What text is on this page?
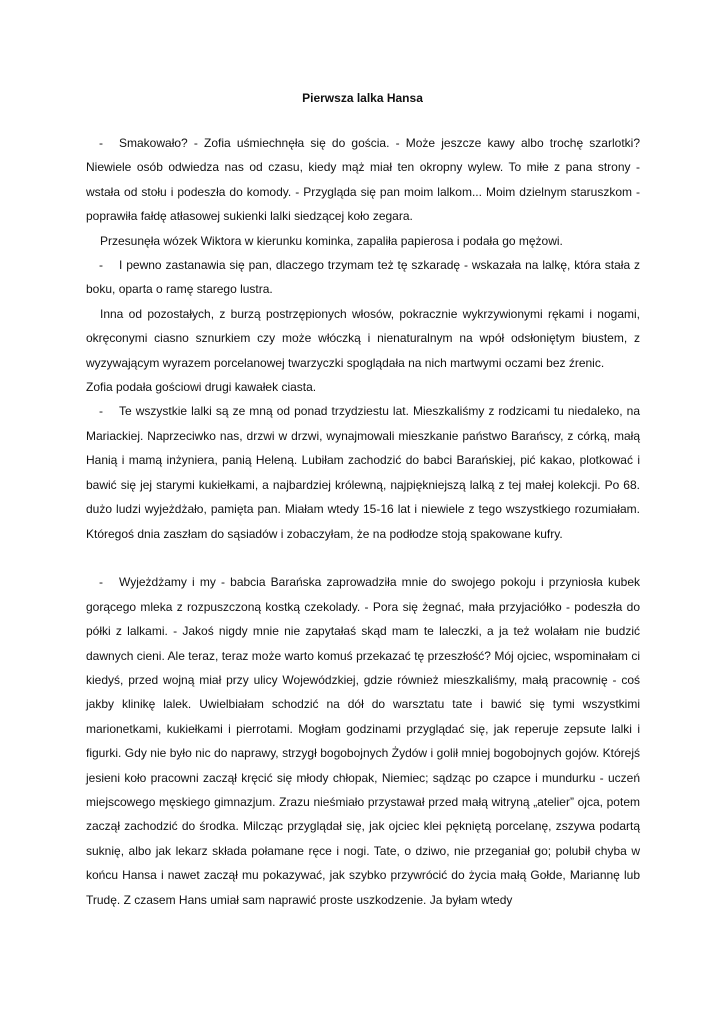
Pierwsza lalka Hansa

- Smakowało? - Zofia uśmiechnęła się do gościa. - Może jeszcze kawy albo trochę szarlotki? Niewiele osób odwiedza nas od czasu, kiedy mąż miał ten okropny wylew. To miłe z pana strony - wstała od stołu i podeszła do komody. - Przygląda się pan moim lalkom... Moim dzielnym staruszkom - poprawiła fałdę atłasowej sukienki lalki siedzącej koło zegara.

Przesunęła wózek Wiktora w kierunku kominka, zapaliła papierosa i podała go mężowi.

- I pewno zastanawia się pan, dlaczego trzymam też tę szkaradę - wskazała na lalkę, która stała z boku, oparta o ramę starego lustra.

Inna od pozostałych, z burzą postrzępionych włosów, pokracznie wykrzywionymi rękami i nogami, okręconymi ciasno sznurkiem czy może włóczką i nienaturalnym na wpół odsłoniętym biustem, z wyzywającym wyrazem porcelanowej twarzyczki spoglądała na nich martwymi oczami bez źrenic.

Zofia podała gościowi drugi kawałek ciasta.

- Te wszystkie lalki są ze mną od ponad trzydziestu lat. Mieszkaliśmy z rodzicami tu niedaleko, na Mariackiej. Naprzeciwko nas, drzwi w drzwi, wynajmowali mieszkanie państwo Barańscy, z córką, małą Hanią i mamą inżyniera, panią Heleną. Lubiłam zachodzić do babci Barańskiej, pić kakao, plotkować i bawić się jej starymi kukiełkami, a najbardziej królewną, najpiękniejszą lalką z tej małej kolekcji. Po 68. dużo ludzi wyjeżdżało, pamięta pan. Miałam wtedy 15-16 lat i niewiele z tego wszystkiego rozumiałam. Któregoś dnia zaszłam do sąsiadów i zobaczyłam, że na podłodze stoją spakowane kufry.

- Wyjeżdżamy i my - babcia Barańska zaprowadziła mnie do swojego pokoju i przyniosła kubek gorącego mleka z rozpuszczoną kostką czekolady. - Pora się żegnać, mała przyjaciółko - podeszła do półki z lalkami. - Jakoś nigdy mnie nie zapytałaś skąd mam te laleczki, a ja też wolałam nie budzić dawnych cieni. Ale teraz, teraz może warto komuś przekazać tę przeszłość? Mój ojciec, wspominałam ci kiedyś, przed wojną miał przy ulicy Wojewódzkiej, gdzie również mieszkaliśmy, małą pracownię - coś jakby klinikę lalek. Uwielbiałam schodzić na dół do warsztatu tate i bawić się tymi wszystkimi marionetkami, kukiełkami i pierrotami. Mogłam godzinami przyglądać się, jak reperuje zepsute lalki i figurki. Gdy nie było nic do naprawy, strzygł bogobojnych Żydów i golił mniej bogobojnych gojów. Którejś jesieni koło pracowni zaczął kręcić się młody chłopak, Niemiec; sądząc po czapce i mundurku - uczeń miejscowego męskiego gimnazjum. Zrazu nieśmiało przystawał przed małą witryną „atelier” ojca, potem zaczął zachodzić do środka. Milcząc przyglądał się, jak ojciec klei pękniętą porcelanę, zszywa podartą suknię, albo jak lekarz składa połamane ręce i nogi. Tate, o dziwo, nie przeganiał go; polubił chyba w końcu Hansa i nawet zaczął mu pokazywać, jak szybko przywrócić do życia małą Gołde, Mariannę lub Trudę. Z czasem Hans umiał sam naprawić proste uszkodzenie. Ja byłam wtedy
